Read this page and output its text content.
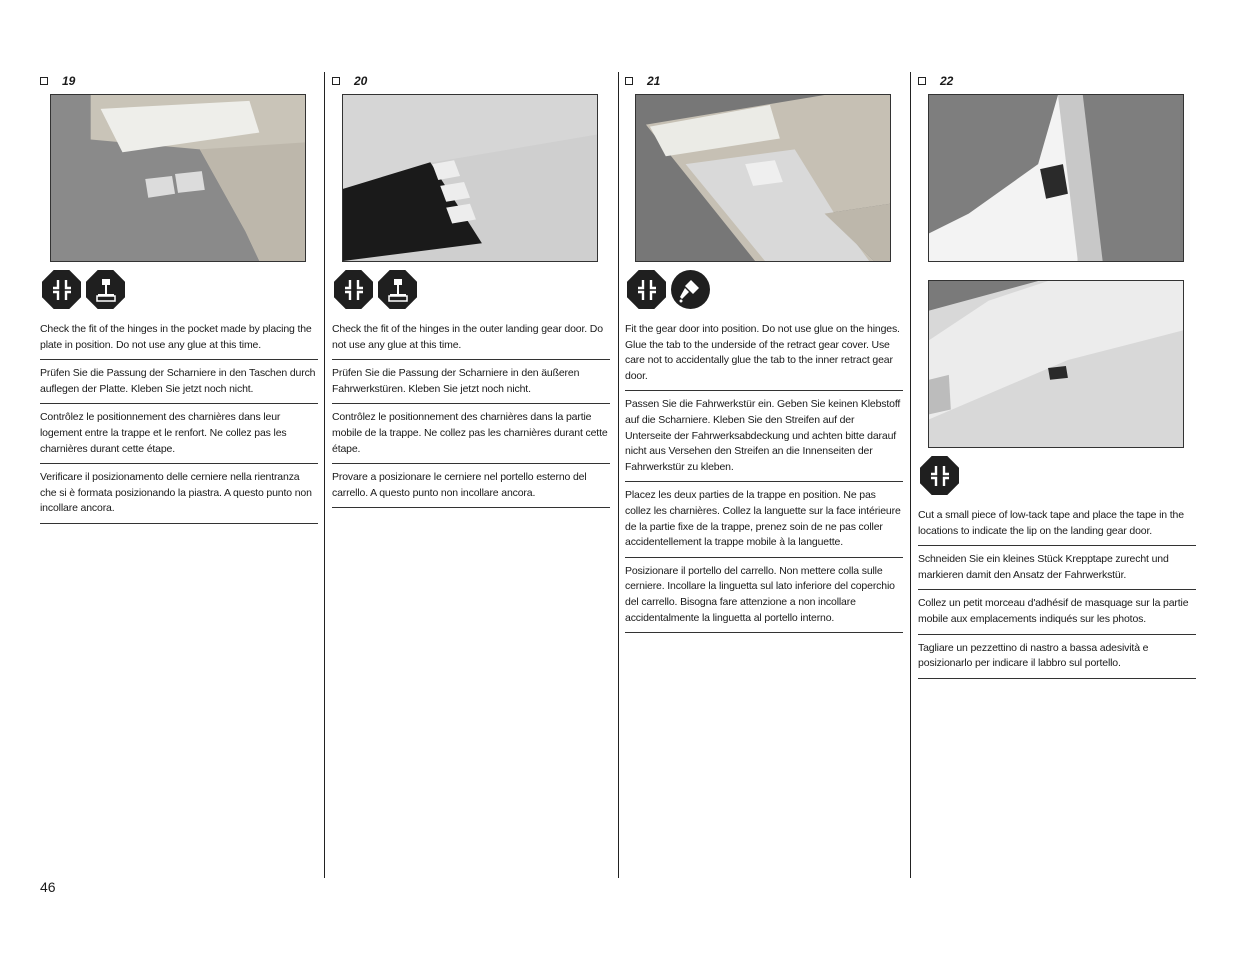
19
Check the fit of the hinges in the pocket made by placing the plate in position. Do not use any glue at this time.
Prüfen Sie die Passung der Scharniere in den Taschen durch auflegen der Platte. Kleben Sie jetzt noch nicht.
Contrôlez le positionnement des charnières dans leur logement entre la trappe et le renfort. Ne collez pas les charnières durant cette étape.
Verificare il posizionamento delle cerniere nella rientranza che si è formata posizionando la piastra. A questo punto non incollare ancora.
20
Check the fit of the hinges in the outer landing gear door. Do not use any glue at this time.
Prüfen Sie die Passung der Scharniere in den äußeren Fahrwerkstüren. Kleben Sie jetzt noch nicht.
Contrôlez le positionnement des charnières dans la partie mobile de la trappe. Ne collez pas les charnières durant cette étape.
Provare a posizionare le cerniere nel portello esterno del carrello. A questo punto non incollare ancora.
21
Fit the gear door into position. Do not use glue on the hinges. Glue the tab to the underside of the retract gear cover. Use care not to accidentally glue the tab to the inner retract gear door.
Passen Sie die Fahrwerkstür ein. Geben Sie keinen Klebstoff auf die Scharniere. Kleben Sie den Streifen auf der Unterseite der Fahrwerksabdeckung und achten bitte darauf nicht aus Versehen den Streifen an die Innenseiten der Fahrwerkstür zu kleben.
Placez les deux parties de la trappe en position. Ne pas collez les charnières. Collez la languette sur la face intérieure de la partie fixe de la trappe, prenez soin de ne pas coller accidentellement la trappe mobile à la languette.
Posizionare il portello del carrello. Non mettere colla sulle cerniere. Incollare la linguetta sul lato inferiore del coperchio del carrello. Bisogna fare attenzione a non incollare accidentalmente la linguetta al portello interno.
22
Cut a small piece of low-tack tape and place the tape in the locations to indicate the lip on the landing gear door.
Schneiden Sie ein kleines Stück Krepptape zurecht und markieren damit den Ansatz der Fahrwerkstür.
Collez un petit morceau d'adhésif de masquage sur la partie mobile aux emplacements indiqués sur les photos.
Tagliare un pezzettino di nastro a bassa adesività e posizionarlo per indicare il labbro sul portello.
46
